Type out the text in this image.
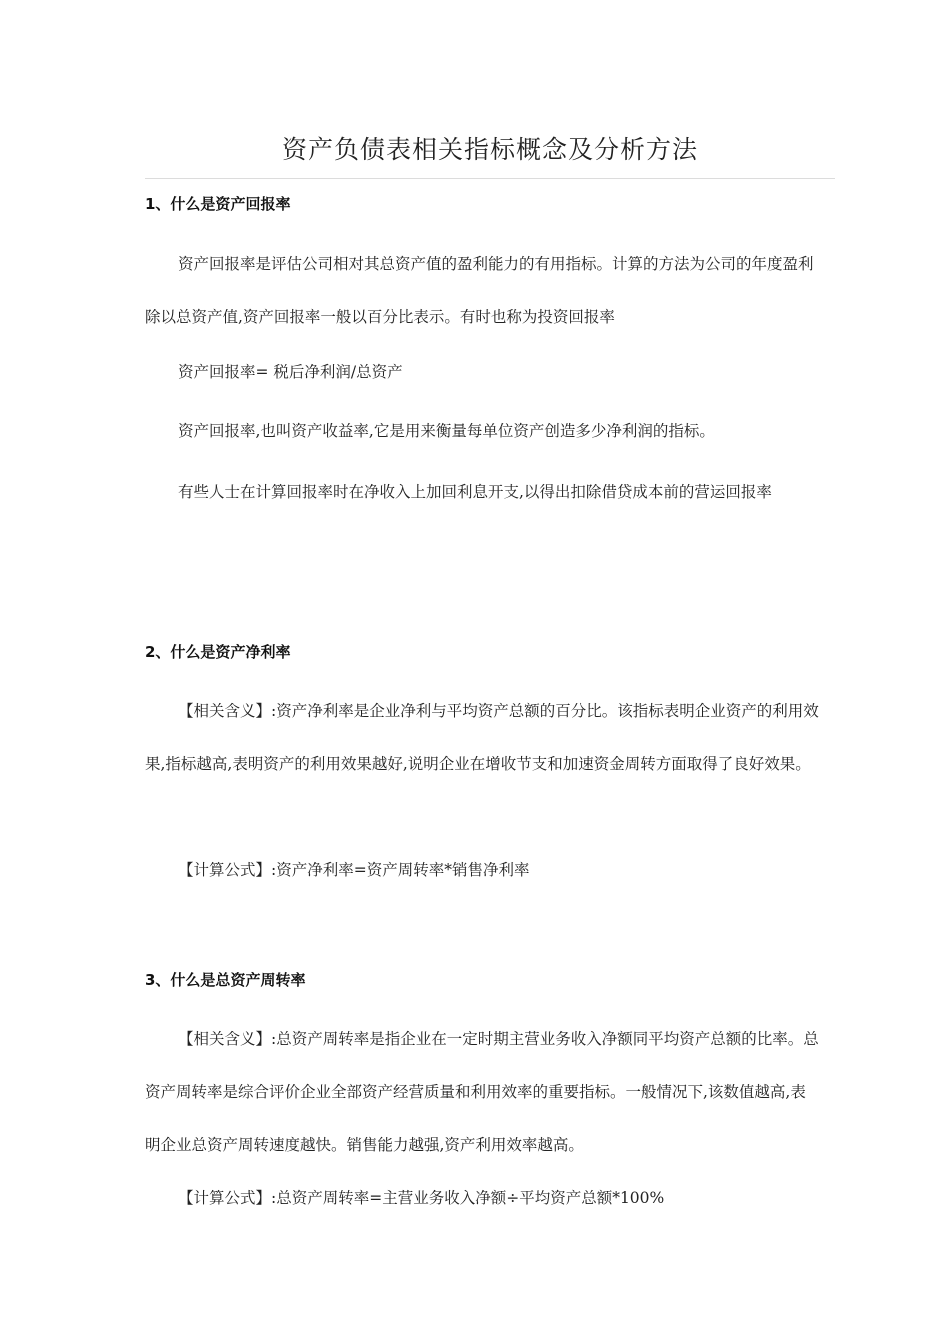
资产负债表相关指标概念及分析方法
1、什么是资产回报率
资产回报率是评估公司相对其总资产值的盈利能力的有用指标。计算的方法为公司的年度盈利除以总资产值,资产回报率一般以百分比表示。有时也称为投资回报率
资产回报率= 税后净利润/总资产
资产回报率,也叫资产收益率,它是用来衡量每单位资产创造多少净利润的指标。
有些人士在计算回报率时在净收入上加回利息开支,以得出扣除借贷成本前的营运回报率
2、什么是资产净利率
【相关含义】:资产净利率是企业净利与平均资产总额的百分比。该指标表明企业资产的利用效果,指标越高,表明资产的利用效果越好,说明企业在增收节支和加速资金周转方面取得了良好效果。
【计算公式】:资产净利率=资产周转率*销售净利率
3、什么是总资产周转率
【相关含义】:总资产周转率是指企业在一定时期主营业务收入净额同平均资产总额的比率。总资产周转率是综合评价企业全部资产经营质量和利用效率的重要指标。一般情况下,该数值越高,表明企业总资产周转速度越快。销售能力越强,资产利用效率越高。
【计算公式】:总资产周转率=主营业务收入净额÷平均资产总额*100%
